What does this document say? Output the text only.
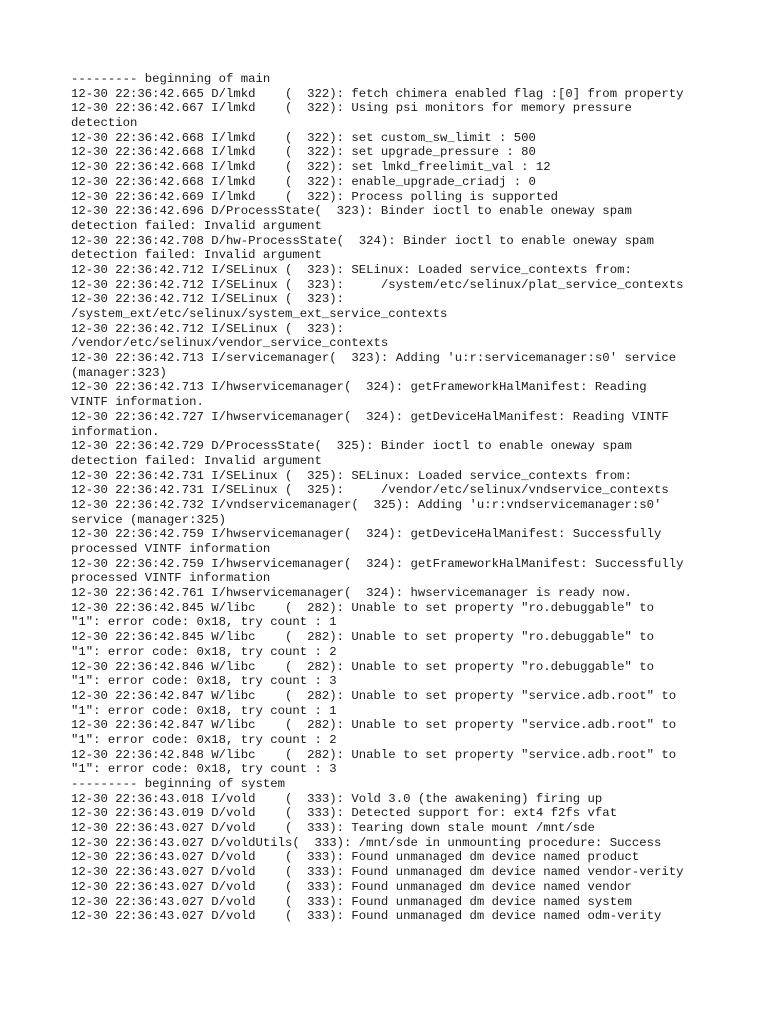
--------- beginning of main
12-30 22:36:42.665 D/lmkd    (  322): fetch chimera enabled flag :[0] from property
12-30 22:36:42.667 I/lmkd    (  322): Using psi monitors for memory pressure
detection
12-30 22:36:42.668 I/lmkd    (  322): set custom_sw_limit : 500
12-30 22:36:42.668 I/lmkd    (  322): set upgrade_pressure : 80
12-30 22:36:42.668 I/lmkd    (  322): set lmkd_freelimit_val : 12
12-30 22:36:42.668 I/lmkd    (  322): enable_upgrade_criadj : 0
12-30 22:36:42.669 I/lmkd    (  322): Process polling is supported
12-30 22:36:42.696 D/ProcessState(  323): Binder ioctl to enable oneway spam
detection failed: Invalid argument
12-30 22:36:42.708 D/hw-ProcessState(  324): Binder ioctl to enable oneway spam
detection failed: Invalid argument
12-30 22:36:42.712 I/SELinux (  323): SELinux: Loaded service_contexts from:
12-30 22:36:42.712 I/SELinux (  323):     /system/etc/selinux/plat_service_contexts
12-30 22:36:42.712 I/SELinux (  323):
/system_ext/etc/selinux/system_ext_service_contexts
12-30 22:36:42.712 I/SELinux (  323):
/vendor/etc/selinux/vendor_service_contexts
12-30 22:36:42.713 I/servicemanager(  323): Adding 'u:r:servicemanager:s0' service
(manager:323)
12-30 22:36:42.713 I/hwservicemanager(  324): getFrameworkHalManifest: Reading
VINTF information.
12-30 22:36:42.727 I/hwservicemanager(  324): getDeviceHalManifest: Reading VINTF
information.
12-30 22:36:42.729 D/ProcessState(  325): Binder ioctl to enable oneway spam
detection failed: Invalid argument
12-30 22:36:42.731 I/SELinux (  325): SELinux: Loaded service_contexts from:
12-30 22:36:42.731 I/SELinux (  325):     /vendor/etc/selinux/vndservice_contexts
12-30 22:36:42.732 I/vndservicemanager(  325): Adding 'u:r:vndservicemanager:s0'
service (manager:325)
12-30 22:36:42.759 I/hwservicemanager(  324): getDeviceHalManifest: Successfully
processed VINTF information
12-30 22:36:42.759 I/hwservicemanager(  324): getFrameworkHalManifest: Successfully
processed VINTF information
12-30 22:36:42.761 I/hwservicemanager(  324): hwservicemanager is ready now.
12-30 22:36:42.845 W/libc    (  282): Unable to set property "ro.debuggable" to
"1": error code: 0x18, try count : 1
12-30 22:36:42.845 W/libc    (  282): Unable to set property "ro.debuggable" to
"1": error code: 0x18, try count : 2
12-30 22:36:42.846 W/libc    (  282): Unable to set property "ro.debuggable" to
"1": error code: 0x18, try count : 3
12-30 22:36:42.847 W/libc    (  282): Unable to set property "service.adb.root" to
"1": error code: 0x18, try count : 1
12-30 22:36:42.847 W/libc    (  282): Unable to set property "service.adb.root" to
"1": error code: 0x18, try count : 2
12-30 22:36:42.848 W/libc    (  282): Unable to set property "service.adb.root" to
"1": error code: 0x18, try count : 3
--------- beginning of system
12-30 22:36:43.018 I/vold    (  333): Vold 3.0 (the awakening) firing up
12-30 22:36:43.019 D/vold    (  333): Detected support for: ext4 f2fs vfat
12-30 22:36:43.027 D/vold    (  333): Tearing down stale mount /mnt/sde
12-30 22:36:43.027 D/voldUtils(  333): /mnt/sde in unmounting procedure: Success
12-30 22:36:43.027 D/vold    (  333): Found unmanaged dm device named product
12-30 22:36:43.027 D/vold    (  333): Found unmanaged dm device named vendor-verity
12-30 22:36:43.027 D/vold    (  333): Found unmanaged dm device named vendor
12-30 22:36:43.027 D/vold    (  333): Found unmanaged dm device named system
12-30 22:36:43.027 D/vold    (  333): Found unmanaged dm device named odm-verity
